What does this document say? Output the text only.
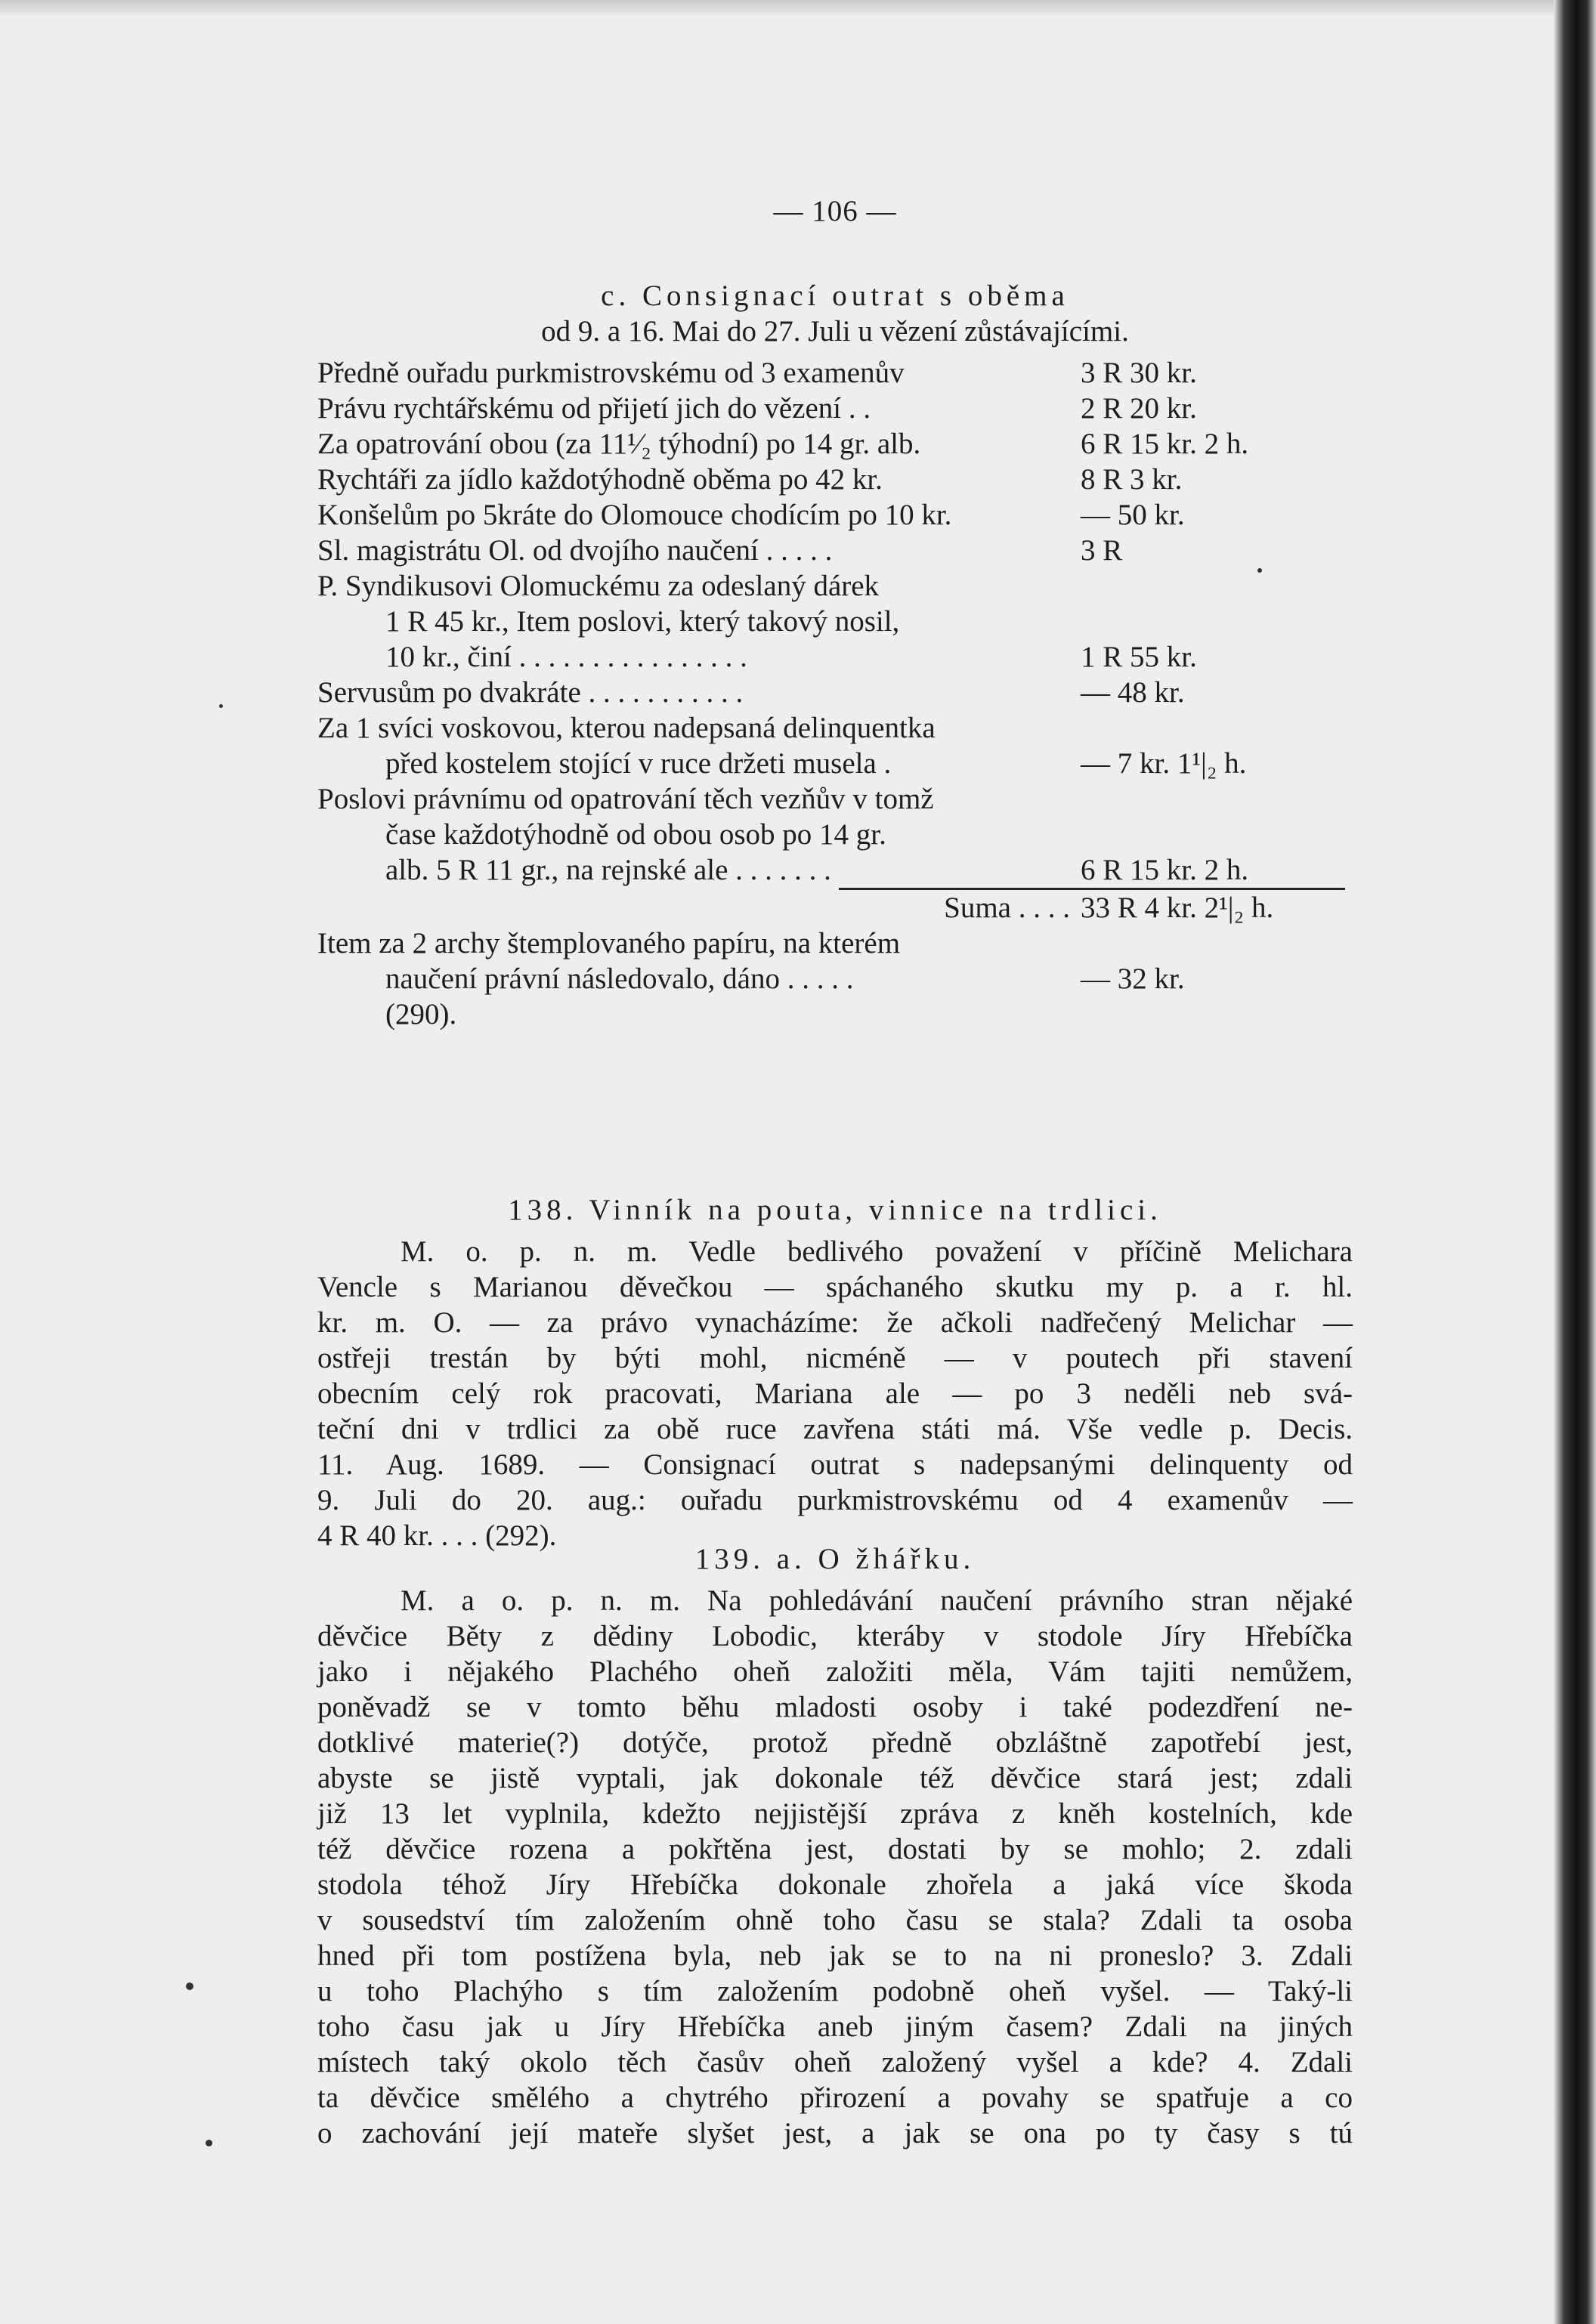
— 106 —
c. Consignací outrat s oběma
od 9. a 16. Mai do 27. Juli u vězení zůstávajícími.
Předně ouřadu purkmistrovskému od 3 examenův	3 R 30 kr.
Právu rychtářskému od přijetí jich do vězení . .	2 R 20 kr.
Za opatrování obou (za 11¹⁄₂ týhodní) po 14 gr. alb.	6 R 15 kr. 2 h.
Rychtáři za jídlo každotýhodně oběma po 42 kr.	8 R 3 kr.
Konšelům po 5kráte do Olomouce chodícím po 10 kr.	— 50 kr.
Sl. magistrátu Ol. od dvojího naučení . . . . .	3 R
P. Syndikusovi Olomuckému za odeslaný dárek
1 R 45 kr., Item poslovi, který takový nosil,
10 kr., činí . . . . . . . . . . . . . . . .	1 R 55 kr.
Servusům po dvakráte . . . . . . . . . . .	— 48 kr.
Za 1 svíci voskovou, kterou nadepsaná delinquentka
před kostelem stojící v ruce držeti musela .	— 7 kr. 1¹|₂ h.
Poslovi právnímu od opatrování těch vezňův v tomž
čase každotýhodně od obou osob po 14 gr.
alb. 5 R 11 gr., na rejnské ale . . . . . . .	6 R 15 kr. 2 h.
Suma . . . . 33 R 4 kr. 2¹|₂ h.
Item za 2 archy štemplovaného papíru, na kterém
naučení právní následovalo, dáno . . . . .	— 32 kr.
(290).
138. Vinník na pouta, vinnice na trdlici.
M. o. p. n. m. Vedle bedlivého považení v příčině Melichara
Vencle s Marianou děvečkou — spáchaného skutku my p. a r. hl.
kr. m. O. — za právo vynacházíme: že ačkoli nadřečený Melichar —
ostřeji trestán by býti mohl, nicméně — v poutech při stavení
obecním celý rok pracovati, Mariana ale — po 3 neděli neb svá-
teční dni v trdlici za obě ruce zavřena státi má. Vše vedle p. Decis.
11. Aug. 1689. — Consignací outrat s nadepsanými delinquenty od
9. Juli do 20. aug.: ouřadu purkmistrovskému od 4 examenův —
4 R 40 kr. . . . (292).
139. a. O žhářku.
M. a o. p. n. m. Na pohledávání naučení právního stran nějaké
děvčice Běty z dědiny Lobodic, kteráby v stodole Jíry Hřebíčka
jako i nějakého Plachého oheň založiti měla, Vám tajiti nemůžem,
poněvadž se v tomto běhu mladosti osoby i také podezdření ne-
dotklivé materie(?) dotýče, protož předně obzláštně zapotřebí jest,
abyste se jistě vyptali, jak dokonale též děvčice stará jest; zdali
již 13 let vyplnila, kdežto nejjistější zpráva z kněh kostelních, kde
též děvčice rozena a pokřtěna jest, dostati by se mohlo; 2. zdali
stodola téhož Jíry Hřebíčka dokonale zhořela a jaká více škoda
v sousedství tím založením ohně toho času se stala? Zdali ta osoba
hned při tom postížena byla, neb jak se to na ni proneslo? 3. Zdali
u toho Plachýho s tím založením podobně oheň vyšel. — Taký-li
toho času jak u Jíry Hřebíčka aneb jiným časem? Zdali na jiných
místech taký okolo těch časův oheň založený vyšel a kde? 4. Zdali
ta děvčice smělého a chytrého přirození a povahy se spatřuje a co
o zachování její mateře slyšet jest, a jak se ona po ty časy s tú
